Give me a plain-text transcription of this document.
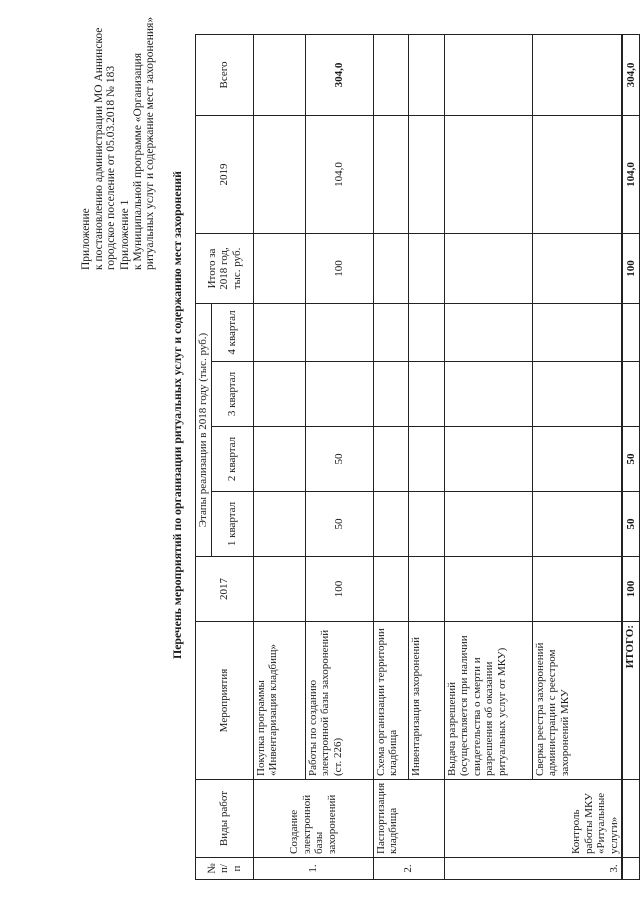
Приложение к постановлению администрации МО Аннинское городское поселение от 05.03.2018 № 183 Приложение 1 к Муниципальной программе «Организация ритуальных услуг и содержание мест захоронения»
Перечень мероприятий по организации ритуальных услуг и содержанию мест захоронений
№ п/ п	Виды работ	Мероприятия	2017	Этапы реализации в 2018 году (тыс. руб.)				Итого за 2018 год, тыс. руб.	2019	Всего
				1 квартал	2 квартал	3 квартал	4 квартал			
1.	Создание электронной базы захоронений	Покупка программы «Инвентаризация кладбищ»								
		Работы по созданию электронной базы захоронений (ст. 226)	100	50	50			100	104,0	304,0
2.	Паспортизация кладбища	Схема организации территории кладбища								
		Инвентаризация захоронений								
3.	Контроль работы МКУ «Ритуальные услуги»	Выдача разрешений (осуществляется при наличии свидетельства о смерти и разрешения об оказании ритуальных услуг от МКУ)								
		Сверка реестра захоронений администрации с реестром захоронений МКУ								
		ИТОГО:	100	50	50			100	104,0	304,0
